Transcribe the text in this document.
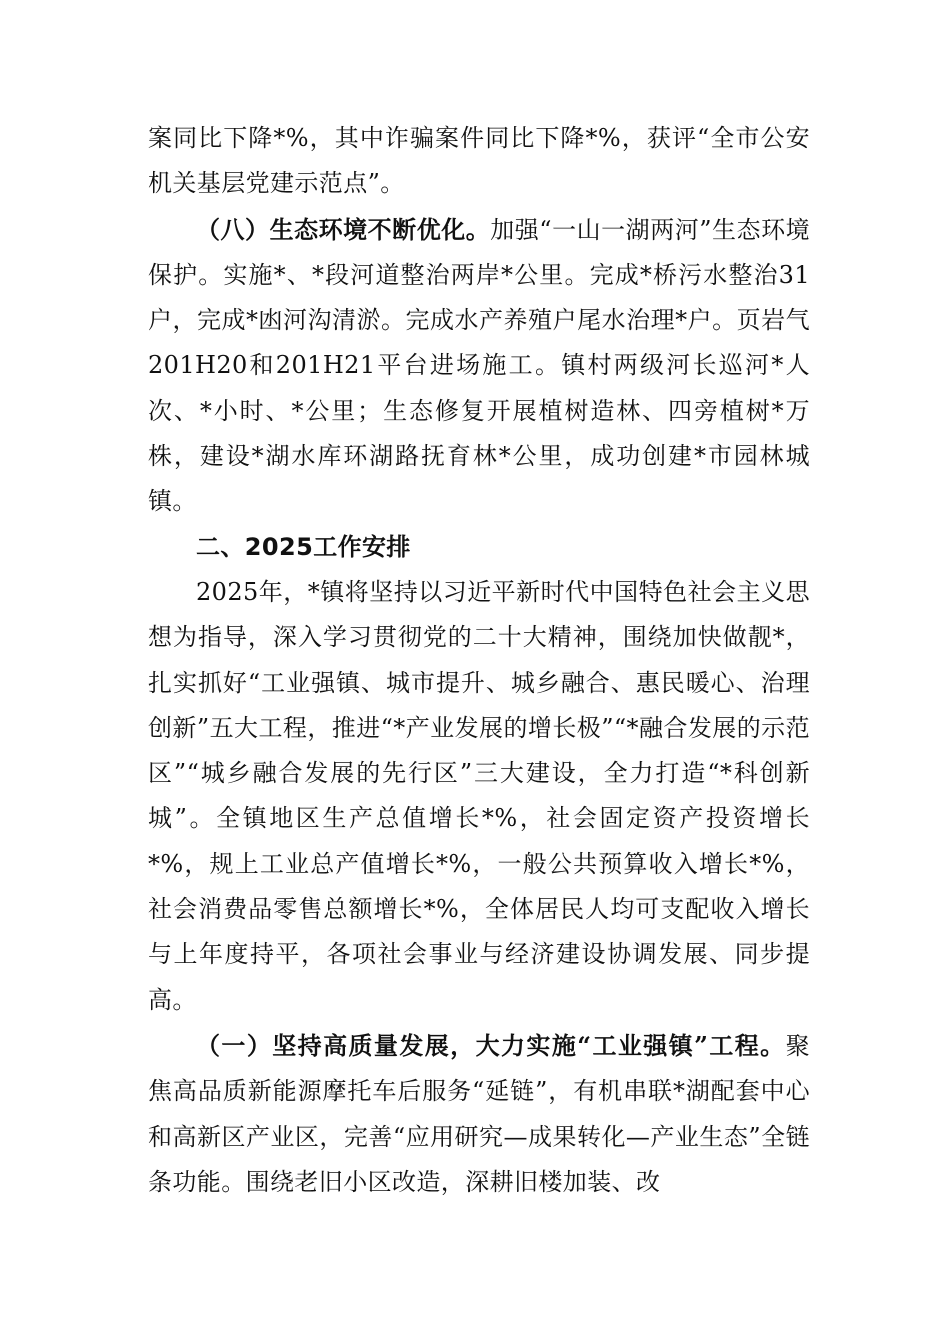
案同比下降*%，其中诈骗案件同比下降*%，获评“全市公安机关基层党建示范点”。

（八）生态环境不断优化。加强“一山一湖两河”生态环境保护。实施*、*段河道整治两岸*公里。完成*桥污水整治31户，完成*凼河沟清淤。完成水产养殖户尾水治理*户。页岩气201H20和201H21平台进场施工。镇村两级河长巡河*人次、*小时、*公里；生态修复开展植树造林、四旁植树*万株，建设*湖水库环湖路抚育林*公里，成功创建*市园林城镇。

二、2025工作安排

2025年，*镇将坚持以习近平新时代中国特色社会主义思想为指导，深入学习贯彻党的二十大精神，围绕加快做靓*，扎实抓好“工业强镇、城市提升、城乡融合、惠民暖心、治理创新”五大工程，推进“*产业发展的增长极”“*融合发展的示范区”“城乡融合发展的先行区”三大建设，全力打造“*科创新城”。全镇地区生产总值增长*%，社会固定资产投资增长*%，规上工业总产值增长*%，一般公共预算收入增长*%，社会消费品零售总额增长*%，全体居民人均可支配收入增长与上年度持平，各项社会事业与经济建设协调发展、同步提高。

（一）坚持高质量发展，大力实施“工业强镇”工程。聚焦高品质新能源摩托车后服务“延链”，有机串联*湖配套中心和高新区产业区，完善“应用研究—成果转化—产业生态”全链条功能。围绕老旧小区改造，深耕旧楼加装、改
